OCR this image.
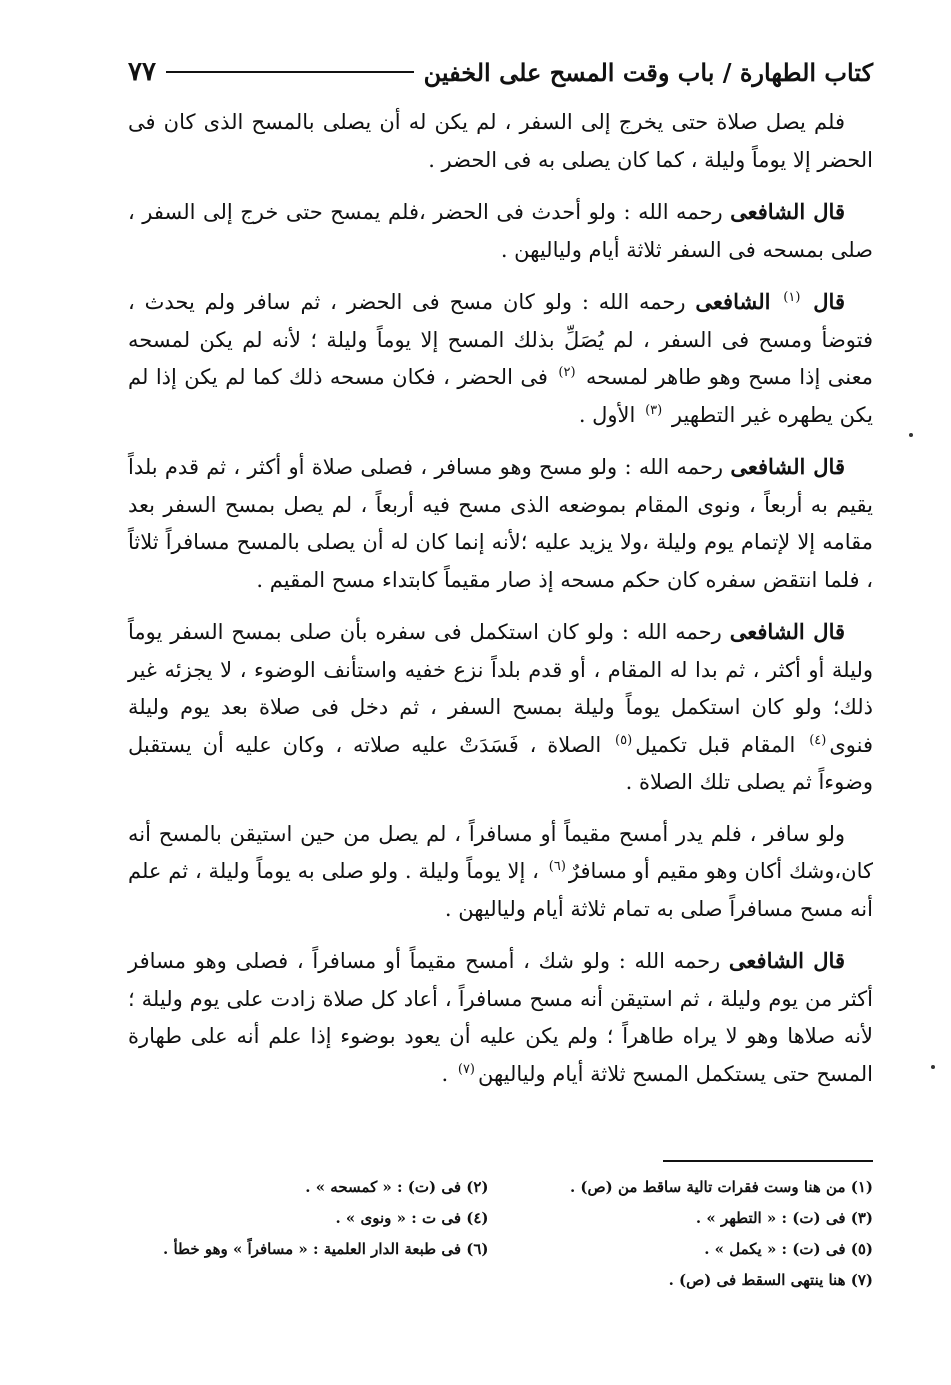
كتاب الطهارة / باب وقت المسح على الخفين
٧٧

فلم يصل صلاة حتى يخرج إلى السفر ، لم يكن له أن يصلى بالمسح الذى كان فى الحضر إلا يوماً وليلة ، كما كان يصلى به فى الحضر .

قال الشافعى رحمه الله : ولو أحدث فى الحضر ،فلم يمسح حتى خرج إلى السفر ، صلى بمسحه فى السفر ثلاثة أيام ولياليهن .

قال $^{(١)}$ الشافعى رحمه الله : ولو كان مسح فى الحضر ، ثم سافر ولم يحدث ، فتوضأ ومسح فى السفر ، لم يُصَلِّ بذلك المسح إلا يوماً وليلة ؛ لأنه لم يكن لمسحه معنى إذا مسح وهو طاهر لمسحه $^{(٢)}$ فى الحضر ، فكان مسحه ذلك كما لم يكن إذا لم يكن يطهره غير التطهير $^{(٣)}$ الأول .

قال الشافعى رحمه الله : ولو مسح وهو مسافر ، فصلى صلاة أو أكثر ، ثم قدم بلداً يقيم به أربعاً ، ونوى المقام بموضعه الذى مسح فيه أربعاً ، لم يصل بمسح السفر بعد مقامه إلا لإتمام يوم وليلة ،ولا يزيد عليه ؛لأنه إنما كان له أن يصلى بالمسح مسافراً ثلاثاً ، فلما انتقض سفره كان حكم مسحه إذ صار مقيماً كابتداء مسح المقيم .

قال الشافعى رحمه الله : ولو كان استكمل فى سفره بأن صلى بمسح السفر يوماً وليلة أو أكثر ، ثم بدا له المقام ، أو قدم بلداً نزع خفيه واستأنف الوضوء ، لا يجزئه غير ذلك؛ ولو كان استكمل يوماً وليلة بمسح السفر ، ثم دخل فى صلاة بعد يوم وليلة فنوى$^{(٤)}$ المقام قبل تكميل$^{(٥)}$ الصلاة ، فَسَدَتْ عليه صلاته ، وكان عليه أن يستقبل وضوءاً ثم يصلى تلك الصلاة .

ولو سافر ، فلم يدر أمسح مقيماً أو مسافراً ، لم يصل من حين استيقن بالمسح أنه كان،وشك أكان وهو مقيم أو مسافرٌ$^{(٦)}$ ، إلا يوماً وليلة . ولو صلى به يوماً وليلة ، ثم علم أنه مسح مسافراً صلى به تمام ثلاثة أيام ولياليهن .

قال الشافعى رحمه الله : ولو شك ، أمسح مقيماً أو مسافراً ، فصلى وهو مسافر أكثر من يوم وليلة ، ثم استيقن أنه مسح مسافراً ، أعاد كل صلاة زادت على يوم وليلة ؛ لأنه صلاها وهو لا يراه طاهراً ؛ ولم يكن عليه أن يعود بوضوء إذا علم أنه على طهارة المسح حتى يستكمل المسح ثلاثة أيام ولياليهن$^{(٧)}$ .

(١) من هنا وست فقرات تالية ساقط من (ص) .
(٢) فى (ت) : « كمسحه » .
(٣) فى (ت) : « التطهر » .
(٤) فى ت : « ونوى » .
(٥) فى (ت) : « يكمل » .
(٦) فى طبعة الدار العلمية : « مسافراً » وهو خطأ .
(٧) هنا ينتهى السقط فى (ص) .
